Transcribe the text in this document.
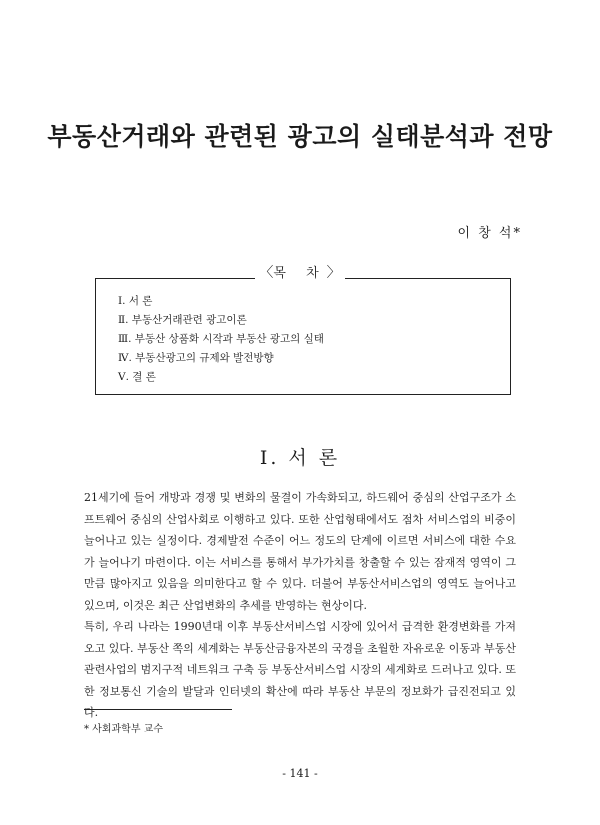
부동산거래와 관련된 광고의 실태분석과 전망
이 창 석*
〈목 차〉
Ⅰ. 서 론
Ⅱ. 부동산거래관련 광고이론
Ⅲ. 부동산 상품화 시작과 부동산 광고의 실태
Ⅳ. 부동산광고의 규제와 발전방향
Ⅴ. 결 론
Ⅰ. 서 론

21세기에 들어 개방과 경쟁 및 변화의 물결이 가속화되고, 하드웨어 중심의 산업구조가 소프트웨어 중심의 산업사회로 이행하고 있다. 또한 산업형태에서도 점차 서비스업의 비중이 늘어나고 있는 실정이다. 경제발전 수준이 어느 정도의 단계에 이르면 서비스에 대한 수요가 늘어나기 마련이다. 이는 서비스를 통해서 부가가치를 창출할 수 있는 잠재적 영역이 그만큼 많아지고 있음을 의미한다고 할 수 있다. 더불어 부동산서비스업의 영역도 늘어나고 있으며, 이것은 최근 산업변화의 추세를 반영하는 현상이다.

특히, 우리 나라는 1990년대 이후 부동산서비스업 시장에 있어서 급격한 환경변화를 가져오고 있다. 부동산 쪽의 세계화는 부동산금융자본의 국경을 초월한 자유로운 이동과 부동산관련사업의 범지구적 네트워크 구축 등 부동산서비스업 시장의 세계화로 드러나고 있다. 또한 정보통신 기술의 발달과 인터넷의 확산에 따라 부동산 부문의 정보화가 급진전되고 있다.

* 사회과학부 교수
- 141 -
